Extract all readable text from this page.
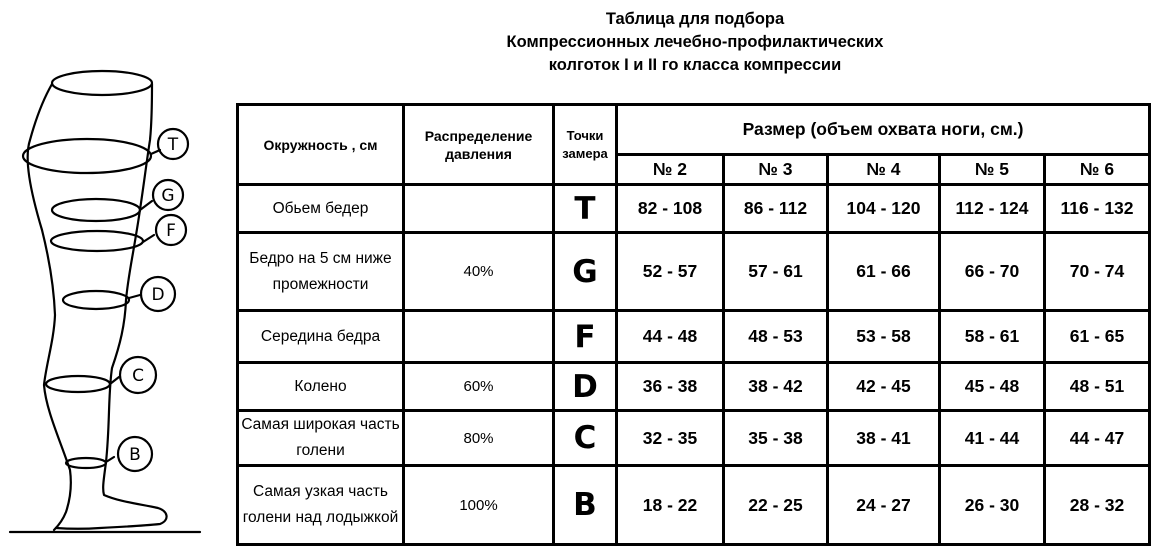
Таблица для подбора
Компрессионных лечебно-профилактических
колготок I и II го класса компрессии
T
G
F
D
C
B
Окружность , см	Распределение давления	Точки замера	Размер (объем охвата ноги, см.)				
			№ 2	№ 3	№ 4	№ 5	№ 6
Обьем бедер		T	82 - 108	86 - 112	104 - 120	112 - 124	116 - 132
Бедро на 5 см ниже промежности	40%	G	52 - 57	57 - 61	61 - 66	66 - 70	70 - 74
Середина бедра		F	44 - 48	48 - 53	53 - 58	58 - 61	61 - 65
Колено	60%	D	36 - 38	38 - 42	42 - 45	45 - 48	48 - 51
Самая широкая часть голени	80%	C	32 - 35	35 - 38	38 - 41	41 - 44	44 - 47
Самая узкая часть голени над лодыжкой	100%	B	18 - 22	22 - 25	24 - 27	26 - 30	28 - 32
